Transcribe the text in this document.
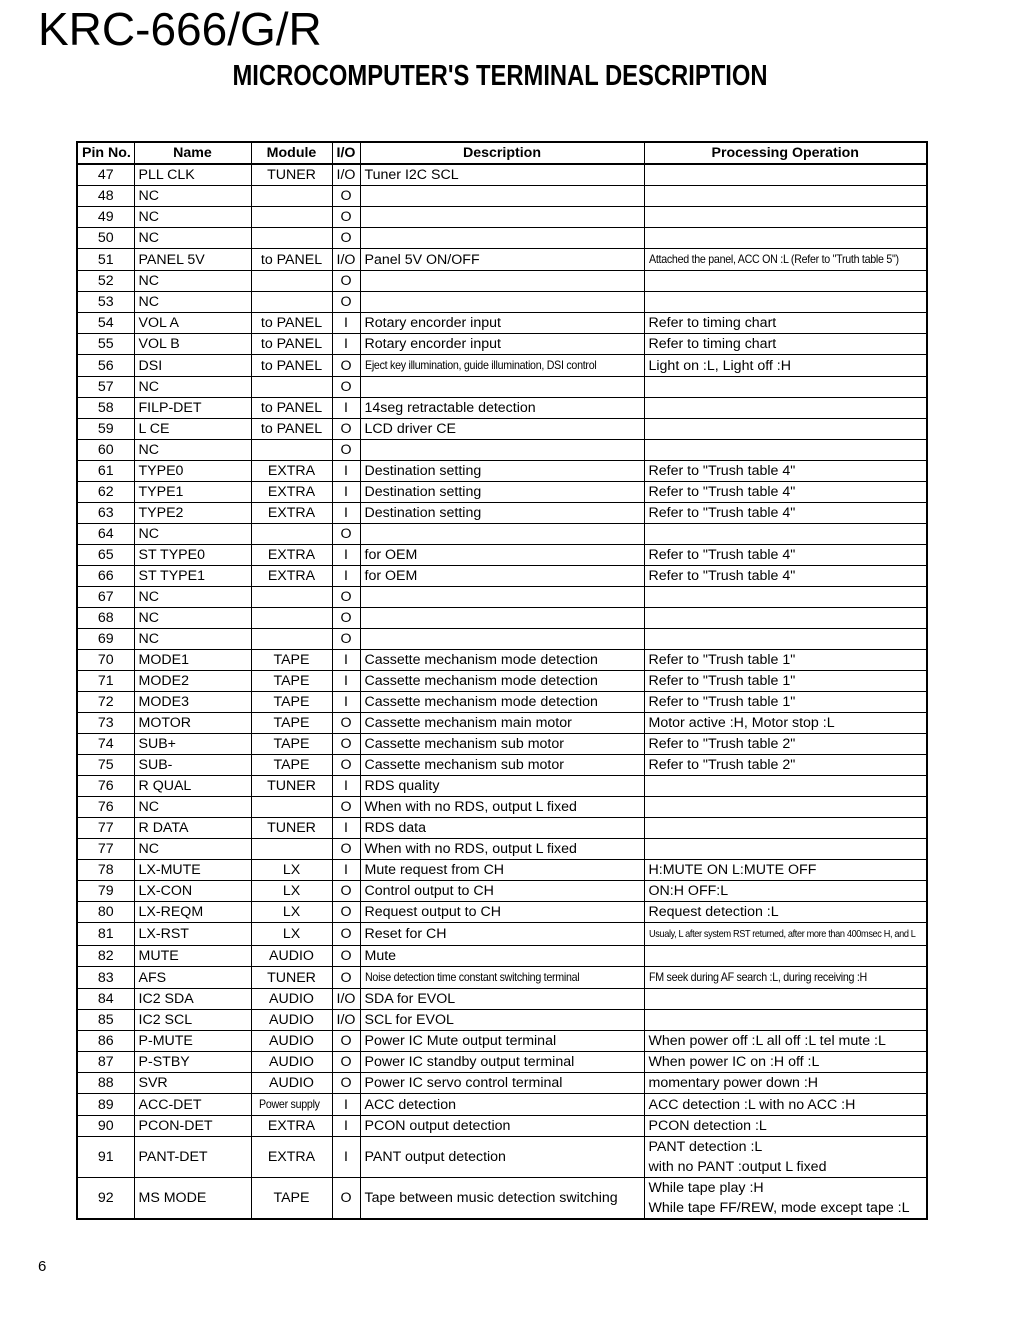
KRC-666/G/R
MICROCOMPUTER'S TERMINAL DESCRIPTION
Pin No.	Name	Module	I/O	Description	Processing Operation
47	PLL CLK	TUNER	I/O	Tuner I2C SCL	
48	NC		O		
49	NC		O		
50	NC		O		
51	PANEL 5V	to PANEL	I/O	Panel 5V ON/OFF	Attached the panel, ACC ON :L (Refer to "Truth table 5")
52	NC		O		
53	NC		O		
54	VOL A	to PANEL	I	Rotary encorder input	Refer to timing chart
55	VOL B	to PANEL	I	Rotary encorder input	Refer to timing chart
56	DSI	to PANEL	O	Eject key illumination, guide illumination, DSI control	Light on :L, Light off :H
57	NC		O		
58	FILP-DET	to PANEL	I	14seg retractable detection	
59	L CE	to PANEL	O	LCD driver CE	
60	NC		O		
61	TYPE0	EXTRA	I	Destination setting	Refer to "Trush table 4"
62	TYPE1	EXTRA	I	Destination setting	Refer to "Trush table 4"
63	TYPE2	EXTRA	I	Destination setting	Refer to "Trush table 4"
64	NC		O		
65	ST TYPE0	EXTRA	I	for OEM	Refer to "Trush table 4"
66	ST TYPE1	EXTRA	I	for OEM	Refer to "Trush table 4"
67	NC		O		
68	NC		O		
69	NC		O		
70	MODE1	TAPE	I	Cassette mechanism mode detection	Refer to "Trush table 1"
71	MODE2	TAPE	I	Cassette mechanism mode detection	Refer to "Trush table 1"
72	MODE3	TAPE	I	Cassette mechanism mode detection	Refer to "Trush table 1"
73	MOTOR	TAPE	O	Cassette mechanism main motor	Motor active :H, Motor stop :L
74	SUB+	TAPE	O	Cassette mechanism sub motor	Refer to "Trush table 2"
75	SUB-	TAPE	O	Cassette mechanism sub motor	Refer to "Trush table 2"
76	R QUAL	TUNER	I	RDS quality	
76	NC		O	When with no RDS, output L fixed	
77	R DATA	TUNER	I	RDS data	
77	NC		O	When with no RDS, output L fixed	
78	LX-MUTE	LX	I	Mute request from CH	H:MUTE ON L:MUTE OFF
79	LX-CON	LX	O	Control output to CH	ON:H OFF:L
80	LX-REQM	LX	O	Request output to CH	Request detection :L
81	LX-RST	LX	O	Reset for CH	Usualy, L after system RST returned, after more than 400msec H, and L
82	MUTE	AUDIO	O	Mute	
83	AFS	TUNER	O	Noise detection time constant switching terminal	FM seek during AF search :L, during receiving :H
84	IC2 SDA	AUDIO	I/O	SDA for EVOL	
85	IC2 SCL	AUDIO	I/O	SCL for EVOL	
86	P-MUTE	AUDIO	O	Power IC Mute output terminal	When power off :L all off :L tel mute :L
87	P-STBY	AUDIO	O	Power IC standby output terminal	When power IC on :H off :L
88	SVR	AUDIO	O	Power IC servo control terminal	momentary power down :H
89	ACC-DET	Power supply	I	ACC detection	ACC detection :L with no ACC :H
90	PCON-DET	EXTRA	I	PCON output detection	PCON detection :L
91	PANT-DET	EXTRA	I	PANT output detection	PANT detection :L
with no PANT :output L fixed

92	MS MODE	TAPE	O	Tape between music detection switching	While tape play :H
While tape FF/REW, mode except tape :L
6
